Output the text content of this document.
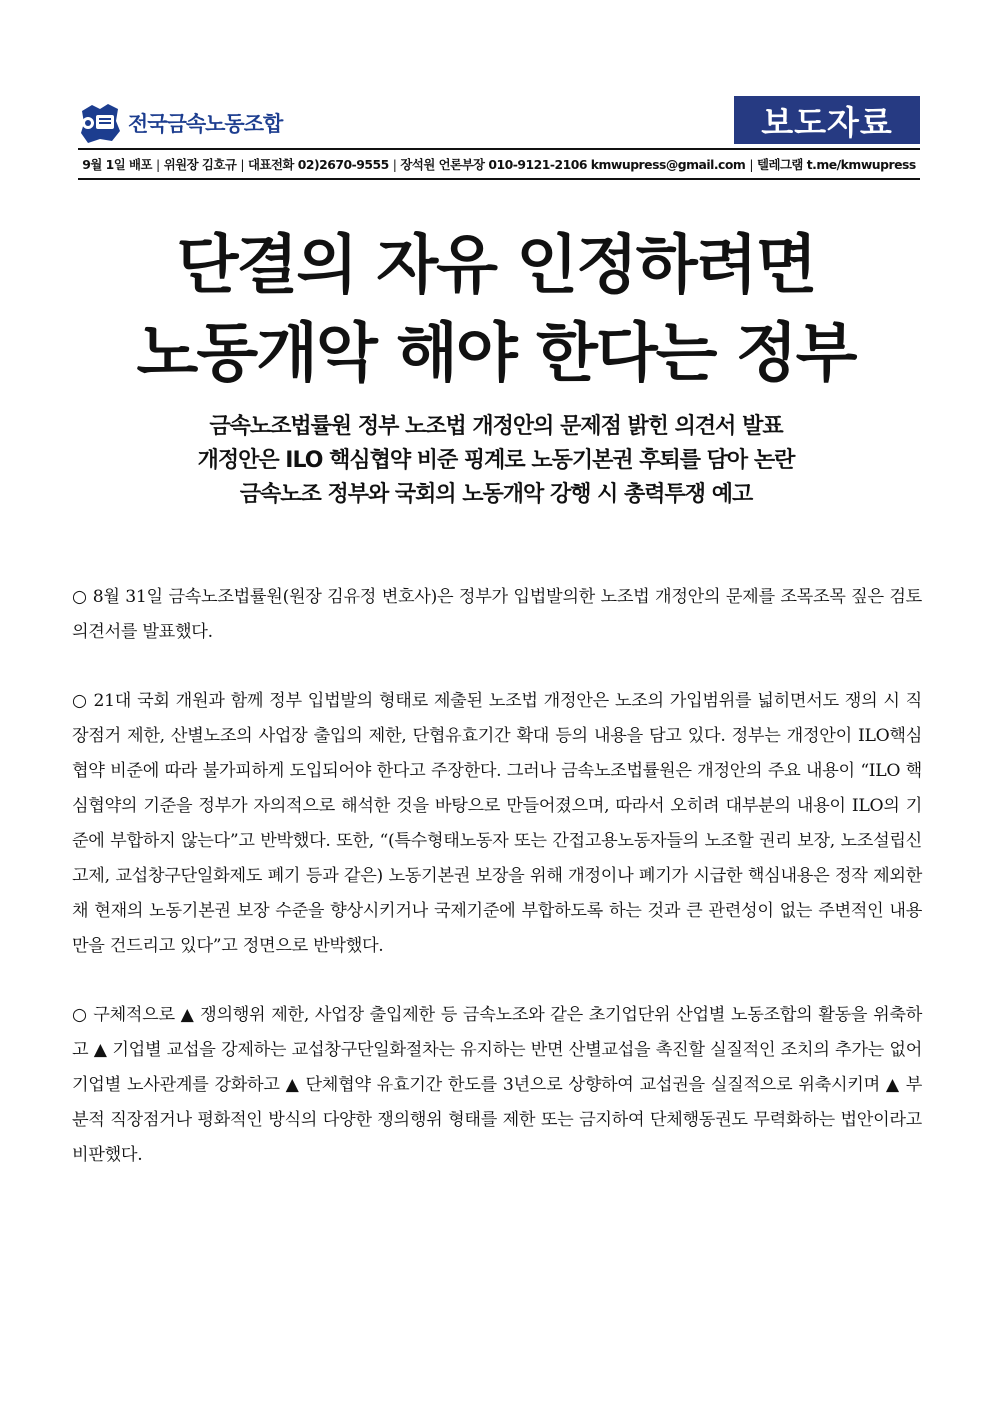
전국금속노동조합	보도자료
9월 1일 배포 | 위원장 김호규 | 대표전화 02)2670-9555 | 장석원 언론부장 010-9121-2106 kmwupress@gmail.com | 텔레그램 t.me/kmwupress
단결의 자유 인정하려면
노동개악 해야 한다는 정부
금속노조법률원 정부 노조법 개정안의 문제점 밝힌 의견서 발표
개정안은 ILO 핵심협약 비준 핑계로 노동기본권 후퇴를 담아 논란
금속노조 정부와 국회의 노동개악 강행 시 총력투쟁 예고

○ 8월 31일 금속노조법률원(원장 김유정 변호사)은 정부가 입법발의한 노조법 개정안의 문제를 조목조목 짚은 검토의견서를 발표했다.

○ 21대 국회 개원과 함께 정부 입법발의 형태로 제출된 노조법 개정안은 노조의 가입범위를 넓히면서도 쟁의 시 직장점거 제한, 산별노조의 사업장 출입의 제한, 단협유효기간 확대 등의 내용을 담고 있다. 정부는 개정안이 ILO핵심협약 비준에 따라 불가피하게 도입되어야 한다고 주장한다. 그러나 금속노조법률원은 개정안의 주요 내용이 “ILO 핵심협약의 기준을 정부가 자의적으로 해석한 것을 바탕으로 만들어졌으며, 따라서 오히려 대부분의 내용이 ILO의 기준에 부합하지 않는다”고 반박했다. 또한, “(특수형태노동자 또는 간접고용노동자들의 노조할 권리 보장, 노조설립신고제, 교섭창구단일화제도 폐기 등과 같은) 노동기본권 보장을 위해 개정이나 폐기가 시급한 핵심내용은 정작 제외한 채 현재의 노동기본권 보장 수준을 향상시키거나 국제기준에 부합하도록 하는 것과 큰 관련성이 없는 주변적인 내용만을 건드리고 있다”고 정면으로 반박했다.

○ 구체적으로 ▲ 쟁의행위 제한, 사업장 출입제한 등 금속노조와 같은 초기업단위 산업별 노동조합의 활동을 위축하고 ▲ 기업별 교섭을 강제하는 교섭창구단일화절차는 유지하는 반면 산별교섭을 촉진할 실질적인 조치의 추가는 없어 기업별 노사관계를 강화하고 ▲ 단체협약 유효기간 한도를 3년으로 상향하여 교섭권을 실질적으로 위축시키며 ▲ 부분적 직장점거나 평화적인 방식의 다양한 쟁의행위 형태를 제한 또는 금지하여 단체행동권도 무력화하는 법안이라고 비판했다.
